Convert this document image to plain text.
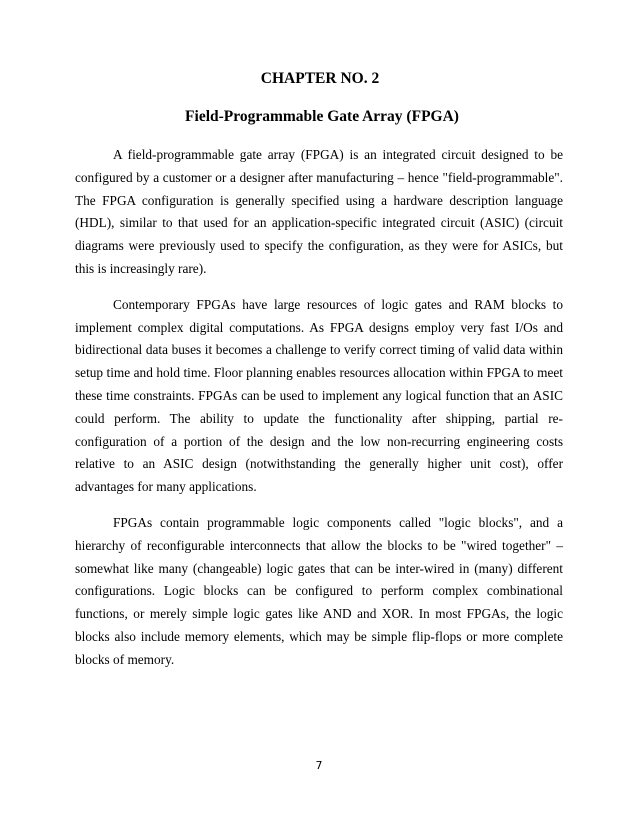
CHAPTER NO. 2
Field-Programmable Gate Array (FPGA)

A field-programmable gate array (FPGA) is an integrated circuit designed to be configured by a customer or a designer after manufacturing – hence "field-programmable". The FPGA configuration is generally specified using a hardware description language (HDL), similar to that used for an application-specific integrated circuit (ASIC) (circuit diagrams were previously used to specify the configuration, as they were for ASICs, but this is increasingly rare).

Contemporary FPGAs have large resources of logic gates and RAM blocks to implement complex digital computations. As FPGA designs employ very fast I/Os and bidirectional data buses it becomes a challenge to verify correct timing of valid data within setup time and hold time. Floor planning enables resources allocation within FPGA to meet these time constraints. FPGAs can be used to implement any logical function that an ASIC could perform. The ability to update the functionality after shipping, partial re-configuration of a portion of the design and the low non-recurring engineering costs relative to an ASIC design (notwithstanding the generally higher unit cost), offer advantages for many applications.

FPGAs contain programmable logic components called "logic blocks", and a hierarchy of reconfigurable interconnects that allow the blocks to be "wired together" – somewhat like many (changeable) logic gates that can be inter-wired in (many) different configurations. Logic blocks can be configured to perform complex combinational functions, or merely simple logic gates like AND and XOR. In most FPGAs, the logic blocks also include memory elements, which may be simple flip-flops or more complete blocks of memory.

7
